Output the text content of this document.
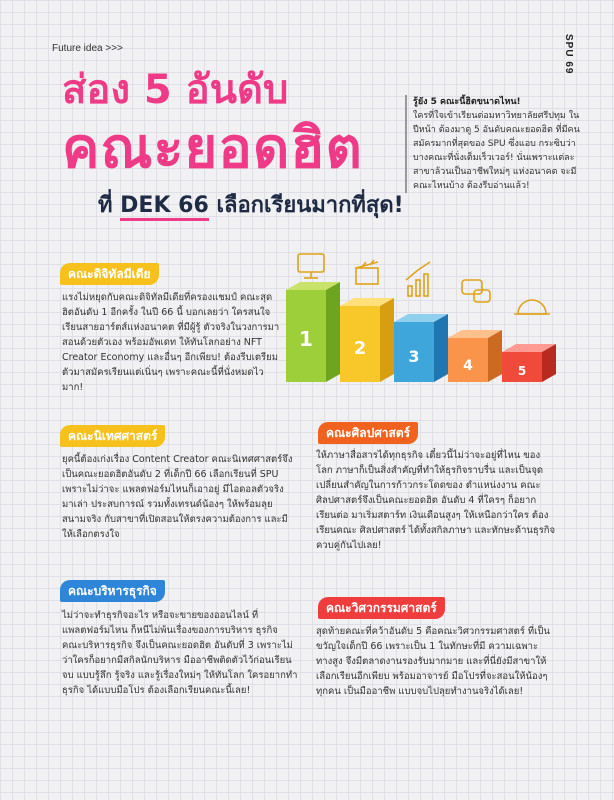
Future idea >>>	SPU 69
ส่อง 5 อันดับ
คณะยอดฮิต
ที่ DEK 66 เลือกเรียนมากที่สุด!
รู้ยัง 5 คณะนี้ฮิตขนาดไหน!
ใครที่ใจเข้าเรียนต่อมหาวิทยาลัยศรีปทุม ในปีหน้า ต้องมาดู 5 อันดับคณะยอดฮิต ที่มีคนสมัครมากที่สุดของ SPU ซึ่งแอบ กระซิบว่าบางคณะที่นั่งเต็มเร็วเวอร์! นั่นเพราะแต่ละสาขาล้วนเป็นอาชีพใหม่ๆ แห่งอนาคต จะมีคณะไหนบ้าง ต้องรีบอ่านแล้ว!
1 2	3	4	5
คณะดิจิทัลมีเดีย
แรงไม่หยุดกับคณะดิจิทัลมีเดียที่ครองแชมป์ คณะสุดฮิตอันดับ 1 อีกครั้ง ในปี 66 นี้ บอกเลยว่า ใครสนใจเรียนสายอาร์ตส์แห่งอนาคต ที่มีผู้รู้ ตัวจริงในวงการมาสอนด้วยตัวเอง พร้อมอัพเดท ให้ทันโลกอย่าง NFT Creator Economy และอื่นๆ อีกเพียบ! ต้องรีบเตรียมตัวมาสมัครเรียนแต่เนิ่นๆ เพราะคณะนี้ที่นั่งหมดไวมาก!
คณะนิเทศศาสตร์
ยุคนี้ต้องเก่งเรื่อง Content Creator คณะนิเทศศาสตร์จึงเป็นคณะยอดฮิตอันดับ 2 ที่เด็กปี 66 เลือกเรียนที่ SPU เพราะไม่ว่าจะ แพลตฟอร์มไหนก็เอาอยู่ มีไอดอลตัวจริงมาเล่า ประสบการณ์ รวมทั้งเทรนด์น้องๆ ให้พร้อมลุย สนามจริง กับสาขาที่เปิดสอนให้ตรงความต้องการ และมีให้เลือกตรงใจ
คณะศิลปศาสตร์
ให้ภาษาสื่อสารได้ทุกธุรกิจ เดี๋ยวนี้ไม่ว่าจะอยู่ที่ไหน ของโลก ภาษาก็เป็นสิ่งสำคัญที่ทำให้ธุรกิจราบรื่น และเป็นจุดเปลี่ยนสำคัญในการก้าวกระโดดของ ตำแหน่งงาน คณะศิลปศาสตร์จึงเป็นคณะยอดฮิต อันดับ 4 ที่ใครๆ ก็อยากเรียนต่อ มาเริ่มสตาร์ท เงินเดือนสูงๆ ให้เหนือกว่าใคร ต้องเรียนคณะ ศิลปศาสตร์ ได้ทั้งสกิลภาษา และทักษะด้านธุรกิจ ควบคู่กันไปเลย!
คณะบริหารธุรกิจ
ไม่ว่าจะทำธุรกิจอะไร หรือจะขายของออนไลน์ ที่แพลตฟอร์มไหน ก็หนีไม่พ้นเรื่องของการบริหาร ธุรกิจ คณะบริหารธุรกิจ จึงเป็นคณะยอดฮิต อันดับที่ 3 เพราะไม่ว่าใครก็อยากมีสกิลนักบริหาร มืออาชีพติดตัวไว้ก่อนเรียนจบ แบบรู้ลึก รู้จริง และรู้เรื่องใหม่ๆ ให้ทันโลก ใครอยากทำธุรกิจ ได้แบบมือโปร ต้องเลือกเรียนคณะนี้เลย!
คณะวิศวกรรมศาสตร์
สุดท้ายคณะที่คว้าอันดับ 5 คือคณะวิศวกรรมศาสตร์ ที่เป็นขวัญใจเด็กปี 66 เพราะเป็น 1 ในทักษะที่มี ความเฉพาะทางสูง จึงมีตลาดงานรองรับมากมาย และที่นี่ยังมีสาขาให้เลือกเรียนอีกเพียบ พร้อมอาจารย์ มือโปรที่จะสอนให้น้องๆ ทุกคน เป็นมืออาชีพ แบบจบไปลุยทำงานจริงได้เลย!
